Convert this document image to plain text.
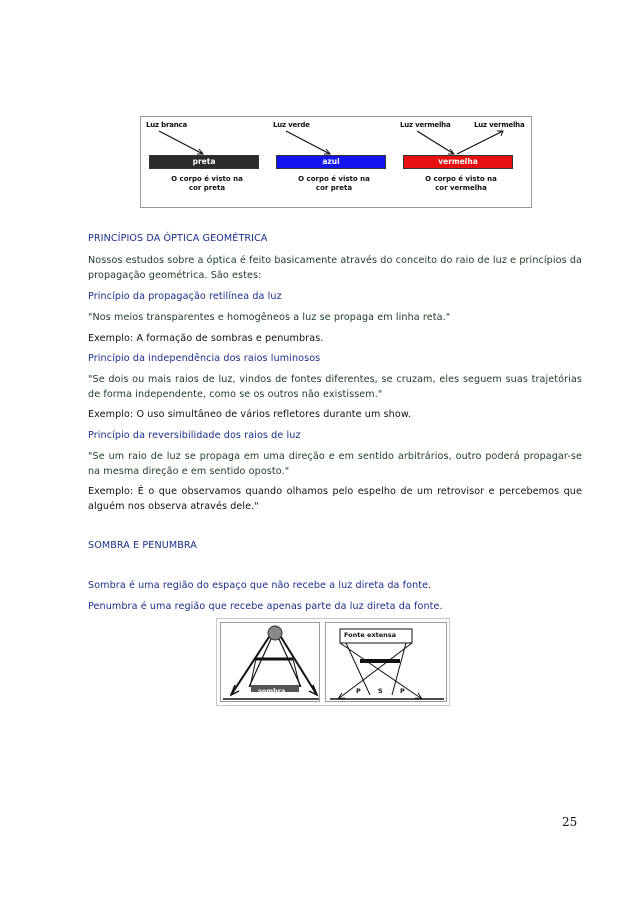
Luz branca
preta
O corpo é visto na
cor preta
Luz verde
azul
O corpo é visto na
cor preta
Luz vermelha	Luz vermelha
vermelha
O corpo é visto na
cor vermelha
PRINCÍPIOS DA ÓPTICA GEOMÉTRICA
Nossos estudos sobre a óptica é feito basicamente através do conceito do raio de luz e princípios da propagação geométrica. São estes:
Princípio da propagação retilínea da luz
"Nos meios transparentes e homogêneos a luz se propaga em linha reta."
Exemplo: A formação de sombras e penumbras.
Princípio da independência dos raios luminosos
"Se dois ou mais raios de luz, vindos de fontes diferentes, se cruzam, eles seguem suas trajetórias de forma independente, como se os outros não existissem."
Exemplo: O uso simultâneo de vários refletores durante um show.
Princípio da reversibilidade dos raios de luz
"Se um raio de luz se propaga em uma direção e em sentido arbitrários, outro poderá propagar-se na mesma direção e em sentido oposto."
Exemplo: É o que observamos quando olhamos pelo espelho de um retrovisor e percebemos que alguém nos observa através dele."
SOMBRA E PENUMBRA
Sombra é uma região do espaço que não recebe a luz direta da fonte.
Penumbra é uma região que recebe apenas parte da luz direta da fonte.
sombra
Fonte extensa
P	S	P
25
